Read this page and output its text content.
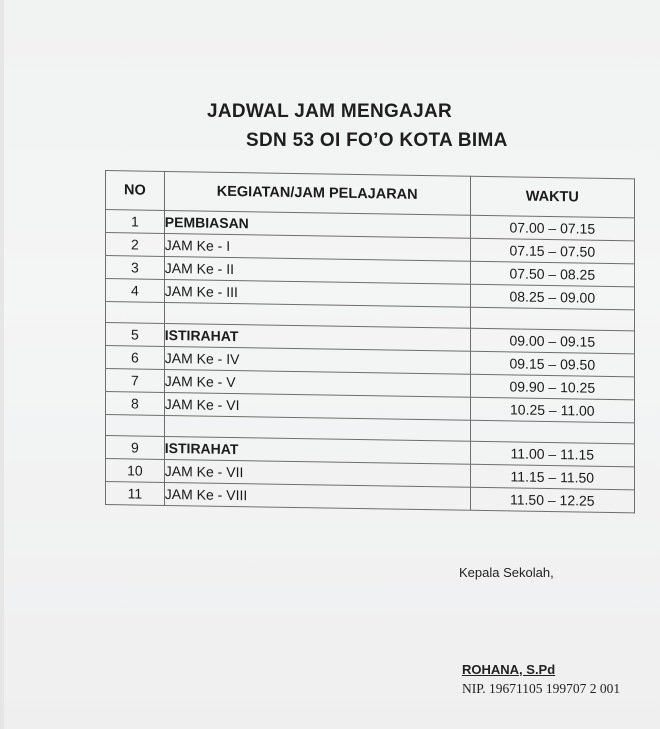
JADWAL JAM MENGAJAR
SDN 53 OI FO’O KOTA BIMA
NO	KEGIATAN/JAM PELAJARAN	WAKTU
1	PEMBIASAN	07.00 – 07.15
2	JAM Ke - I	07.15 – 07.50
3	JAM Ke - II	07.50 – 08.25
4	JAM Ke - III	08.25 – 09.00

5	ISTIRAHAT	09.00 – 09.15
6	JAM Ke - IV	09.15 – 09.50
7	JAM Ke - V	09.90 – 10.25
8	JAM Ke - VI	10.25 – 11.00

9	ISTIRAHAT	11.00 – 11.15
10	JAM Ke - VII	11.15 – 11.50
11	JAM Ke - VIII	11.50 – 12.25
Kepala Sekolah,
ROHANA, S.Pd
NIP. 19671105 199707 2 001
